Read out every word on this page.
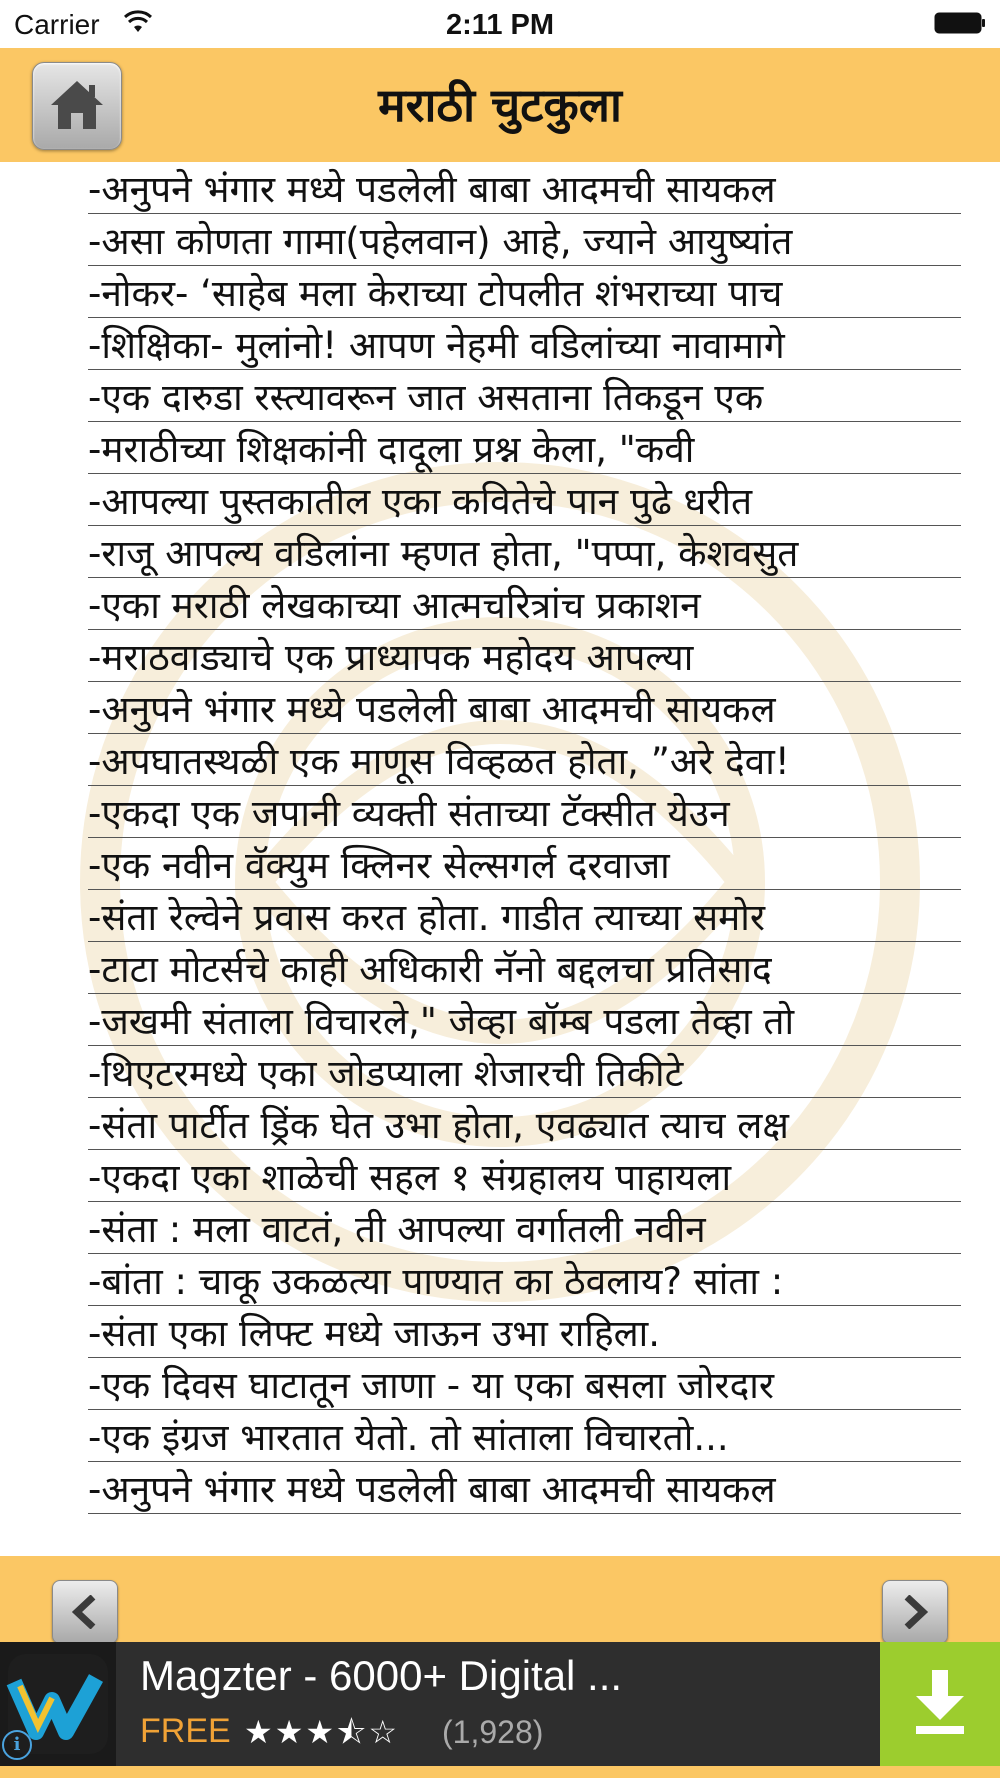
Carrier	2:11 PM
मराठी चुटकुला
-अनुपने भंगार मध्ये पडलेली बाबा आदमची सायकल
-असा कोणता गामा(पहेलवान) आहे, ज्याने आयुष्यांत
-नोकर- ‘साहेब मला केराच्या टोपलीत शंभराच्या पाच
-शिक्षिका- मुलांनो! आपण नेहमी वडिलांच्या नावामागे
-एक दारुडा रस्त्यावरून जात असताना तिकडून एक
-मराठीच्या शिक्षकांनी दादूला प्रश्न केला, "कवी
-आपल्या पुस्तकातील एका कवितेचे पान पुढे धरीत
-राजू आपल्य वडिलांना म्हणत होता, "पप्पा, केशवसुत
-एका मराठी लेखकाच्या आत्मचरित्रांच प्रकाशन
-मराठवाड्याचे एक प्राध्यापक महोदय आपल्या
-अनुपने भंगार मध्ये पडलेली बाबा आदमची सायकल
-अपघातस्थळी एक माणूस विव्हळत होता, ”अरे देवा!
-एकदा एक जपानी व्यक्ती संताच्या टॅक्सीत येउन
-एक नवीन वॅक्युम क्लिनर सेल्सगर्ल दरवाजा
-संता रेल्वेने प्रवास करत होता. गाडीत त्याच्या समोर
-टाटा मोटर्सचे काही अधिकारी नॅनो बद्दलचा प्रतिसाद
-जखमी संताला विचारले," जेव्हा बॉम्ब पडला तेव्हा तो
-थिएटरमध्ये एका जोडप्याला शेजारची तिकीटे
-संता पार्टीत ड्रिंक घेत उभा होता, एवढ्यात त्याच लक्ष
-एकदा एका शाळेची सहल १ संग्रहालय पाहायला
-संता : मला वाटतं, ती आपल्या वर्गातली नवीन
-बांता : चाकू उकळत्या पाण्यात का ठेवलाय? सांता :
-संता एका लिफ्ट मध्ये जाऊन उभा राहिला.
-एक दिवस घाटातून जाणा - या एका बसला जोरदार
-एक इंग्रज भारतात येतो. तो सांताला विचारतो...
-अनुपने भंगार मध्ये पडलेली बाबा आदमची सायकल
i
Magzter - 6000+ Digital ...
FREE ★★★⯪☆ (1,928)
